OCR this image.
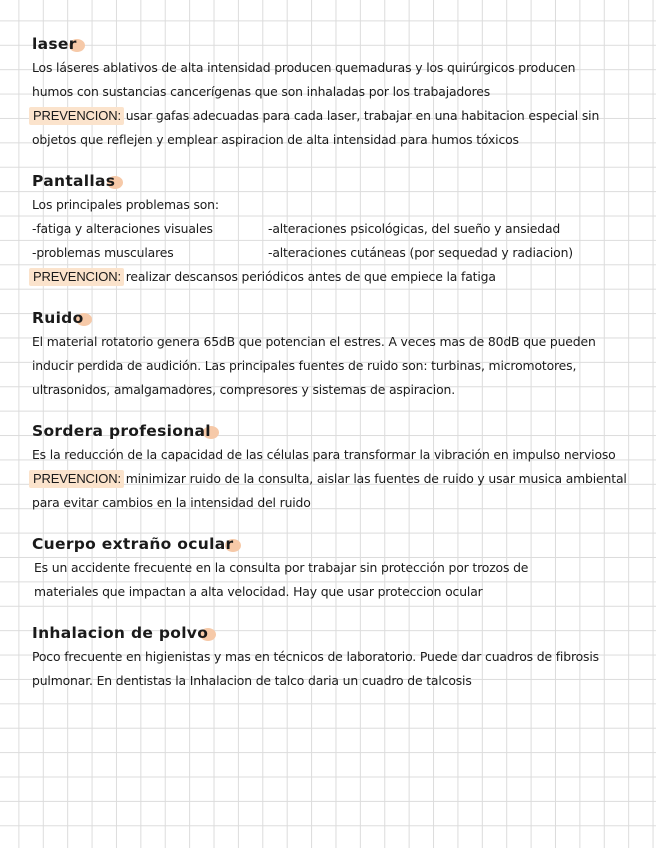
laser
Los láseres ablativos de alta intensidad producen quemaduras y los quirúrgicos producen
humos con sustancias cancerígenas que son inhaladas por los trabajadores
PREVENCION: usar gafas adecuadas para cada laser, trabajar en una habitacion especial sin
objetos que reflejen y emplear aspiracion de alta intensidad para humos tóxicos
Pantallas
Los principales problemas son:
-fatiga y alteraciones visuales	-alteraciones psicológicas, del sueño y ansiedad
-problemas musculares	-alteraciones cutáneas (por sequedad y radiacion)
PREVENCION: realizar descansos periódicos antes de que empiece la fatiga
Ruido
El material rotatorio genera 65dB que potencian el estres. A veces mas de 80dB que pueden
inducir perdida de audición. Las principales fuentes de ruido son: turbinas, micromotores,
ultrasonidos, amalgamadores, compresores y sistemas de aspiracion.
Sordera profesional
Es la reducción de la capacidad de las células para transformar la vibración en impulso nervioso
PREVENCION: minimizar ruido de la consulta, aislar las fuentes de ruido y usar musica ambiental
para evitar cambios en la intensidad del ruido
Cuerpo extraño ocular
Es un accidente frecuente en la consulta por trabajar sin protección por trozos de
materiales que impactan a alta velocidad. Hay que usar proteccion ocular
Inhalacion de polvo
Poco frecuente en higienistas y mas en técnicos de laboratorio. Puede dar cuadros de fibrosis
pulmonar. En dentistas la Inhalacion de talco daria un cuadro de talcosis
